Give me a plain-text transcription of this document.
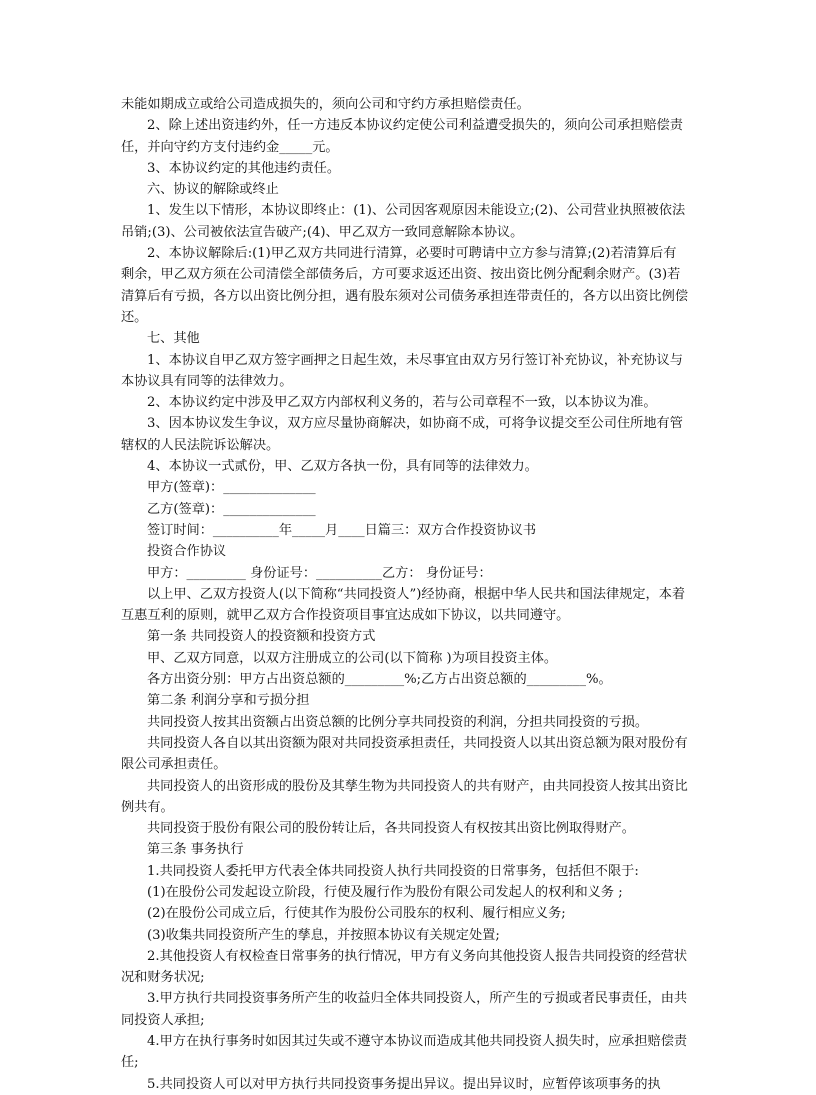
未能如期成立或给公司造成损失的，须向公司和守约方承担赔偿责任。

2、除上述出资违约外，任一方违反本协议约定使公司利益遭受损失的，须向公司承担赔偿责任，并向守约方支付违约金_____元。

3、本协议约定的其他违约责任。

六、协议的解除或终止

1、发生以下情形，本协议即终止：(1)、公司因客观原因未能设立;(2)、公司营业执照被依法吊销;(3)、公司被依法宣告破产;(4)、甲乙双方一致同意解除本协议。

2、本协议解除后:(1)甲乙双方共同进行清算，必要时可聘请中立方参与清算;(2)若清算后有剩余，甲乙双方须在公司清偿全部债务后，方可要求返还出资、按出资比例分配剩余财产。(3)若清算后有亏损，各方以出资比例分担，遇有股东须对公司债务承担连带责任的，各方以出资比例偿还。

七、其他

1、本协议自甲乙双方签字画押之日起生效，未尽事宜由双方另行签订补充协议，补充协议与本协议具有同等的法律效力。

2、本协议约定中涉及甲乙双方内部权利义务的，若与公司章程不一致，以本协议为准。

3、因本协议发生争议，双方应尽量协商解决，如协商不成，可将争议提交至公司住所地有管辖权的人民法院诉讼解决。

4、本协议一式贰份，甲、乙双方各执一份，具有同等的法律效力。

甲方(签章)：______________

乙方(签章)：______________

签订时间：__________年_____月____日篇三：双方合作投资协议书

投资合作协议

甲方：_________ 身份证号：__________乙方： 身份证号：

以上甲、乙双方投资人(以下简称“共同投资人”)经协商，根据中华人民共和国法律规定，本着互惠互利的原则，就甲乙双方合作投资项目事宜达成如下协议，以共同遵守。

第一条 共同投资人的投资额和投资方式

甲、乙双方同意，以双方注册成立的公司(以下简称 )为项目投资主体。

各方出资分别：甲方占出资总额的_________%;乙方占出资总额的_________%。

第二条 利润分享和亏损分担

共同投资人按其出资额占出资总额的比例分享共同投资的利润，分担共同投资的亏损。

共同投资人各自以其出资额为限对共同投资承担责任，共同投资人以其出资总额为限对股份有限公司承担责任。

共同投资人的出资形成的股份及其孳生物为共同投资人的共有财产，由共同投资人按其出资比例共有。

共同投资于股份有限公司的股份转让后，各共同投资人有权按其出资比例取得财产。

第三条 事务执行

1.共同投资人委托甲方代表全体共同投资人执行共同投资的日常事务，包括但不限于:

(1)在股份公司发起设立阶段，行使及履行作为股份有限公司发起人的权利和义务 ;

(2)在股份公司成立后，行使其作为股份公司股东的权利、履行相应义务;

(3)收集共同投资所产生的孳息，并按照本协议有关规定处置;

2.其他投资人有权检查日常事务的执行情况，甲方有义务向其他投资人报告共同投资的经营状况和财务状况;

3.甲方执行共同投资事务所产生的收益归全体共同投资人，所产生的亏损或者民事责任，由共同投资人承担;

4.甲方在执行事务时如因其过失或不遵守本协议而造成其他共同投资人损失时，应承担赔偿责任;

5.共同投资人可以对甲方执行共同投资事务提出异议。提出异议时，应暂停该项事务的执
